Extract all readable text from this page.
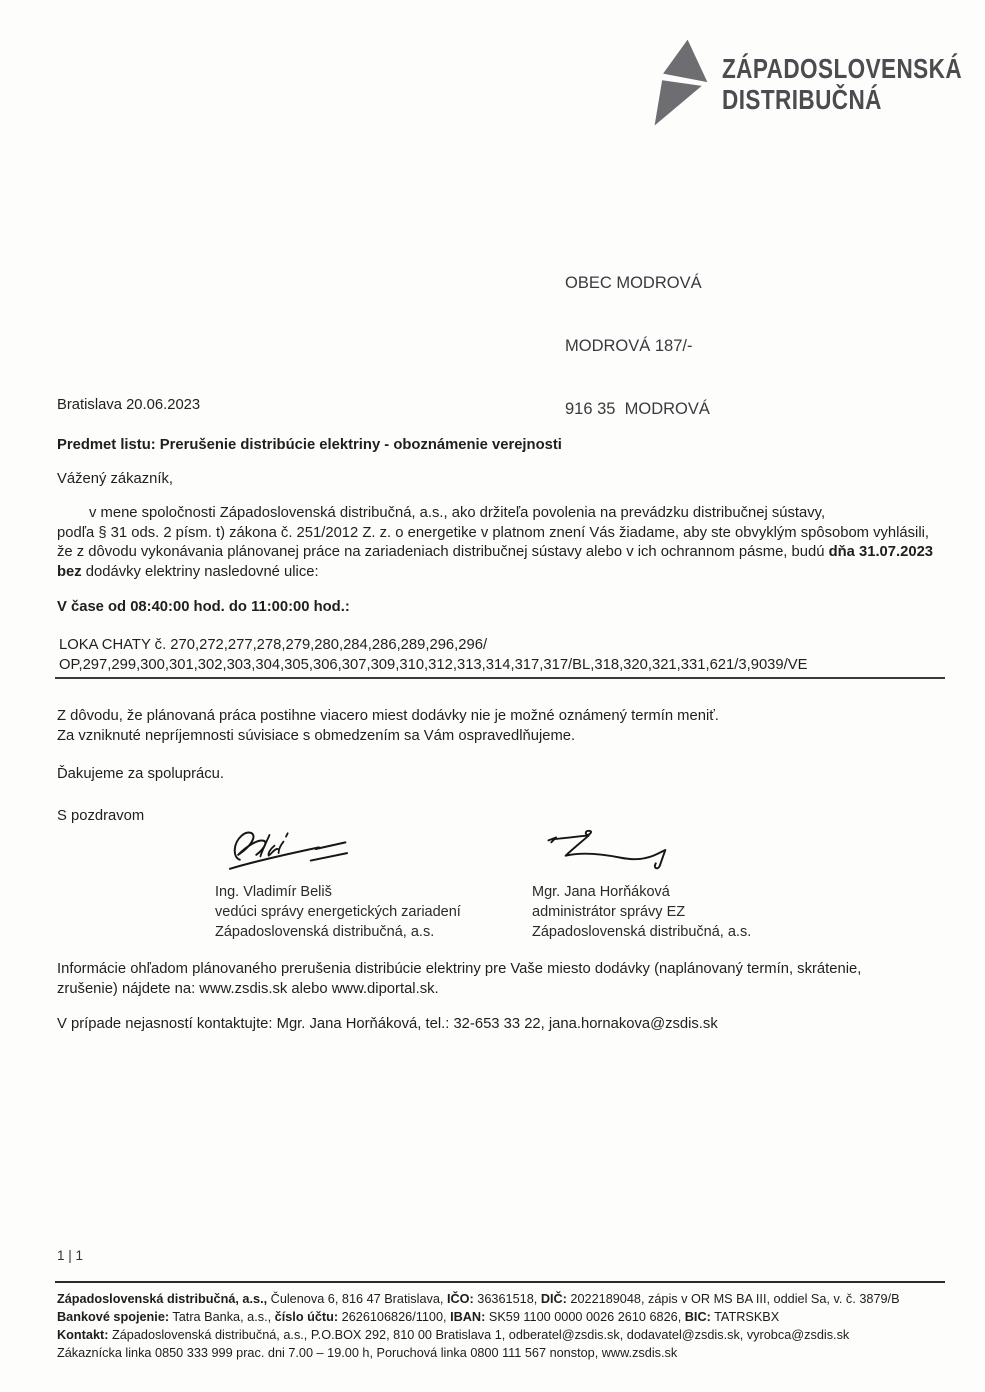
ZÁPADOSLOVENSKÁ
DISTRIBUČNÁ

OBEC MODROVÁ

MODROVÁ 187/-

916 35  MODROVÁ

Bratislava 20.06.2023
Predmet listu: Prerušenie distribúcie elektriny - oboznámenie verejnosti
Vážený zákazník,
v mene spoločnosti Západoslovenská distribučná, a.s., ako držiteľa povolenia na prevádzku distribučnej sústavy,
podľa § 31 ods. 2 písm. t) zákona č. 251/2012 Z. z. o energetike v platnom znení Vás žiadame, aby ste obvyklým spôsobom vyhlásili,
že z dôvodu vykonávania plánovanej práce na zariadeniach distribučnej sústavy alebo v ich ochrannom pásme, budú dňa 31.07.2023
bez dodávky elektriny nasledovné ulice:
V čase od 08:40:00 hod. do 11:00:00 hod.:
LOKA CHATY č. 270,272,277,278,279,280,284,286,289,296,296/
OP,297,299,300,301,302,303,304,305,306,307,309,310,312,313,314,317,317/BL,318,320,321,331,621/3,9039/VE
Z dôvodu, že plánovaná práca postihne viacero miest dodávky nie je možné oznámený termín meniť.
Za vzniknuté nepríjemnosti súvisiace s obmedzením sa Vám ospravedlňujeme.
Ďakujeme za spoluprácu.
S pozdravom
Ing. Vladimír Beliš
vedúci správy energetických zariadení
Západoslovenská distribučná, a.s.
Mgr. Jana Horňáková
administrátor správy EZ
Západoslovenská distribučná, a.s.
Informácie ohľadom plánovaného prerušenia distribúcie elektriny pre Vaše miesto dodávky (naplánovaný termín, skrátenie,
zrušenie) nájdete na: www.zsdis.sk alebo www.diportal.sk.
V prípade nejasností kontaktujte: Mgr. Jana Horňáková, tel.: 32-653 33 22, jana.hornakova@zsdis.sk
1 | 1
Západoslovenská distribučná, a.s., Čulenova 6, 816 47 Bratislava, IČO: 36361518, DIČ: 2022189048, zápis v OR MS BA III, oddiel Sa, v. č. 3879/B
Bankové spojenie: Tatra Banka, a.s., číslo účtu: 2626106826/1100, IBAN: SK59 1100 0000 0026 2610 6826, BIC: TATRSKBX
Kontakt: Západoslovenská distribučná, a.s., P.O.BOX 292, 810 00 Bratislava 1, odberatel@zsdis.sk, dodavatel@zsdis.sk, vyrobca@zsdis.sk
Zákaznícka linka 0850 333 999 prac. dni 7.00 – 19.00 h, Poruchová linka 0800 111 567 nonstop, www.zsdis.sk
